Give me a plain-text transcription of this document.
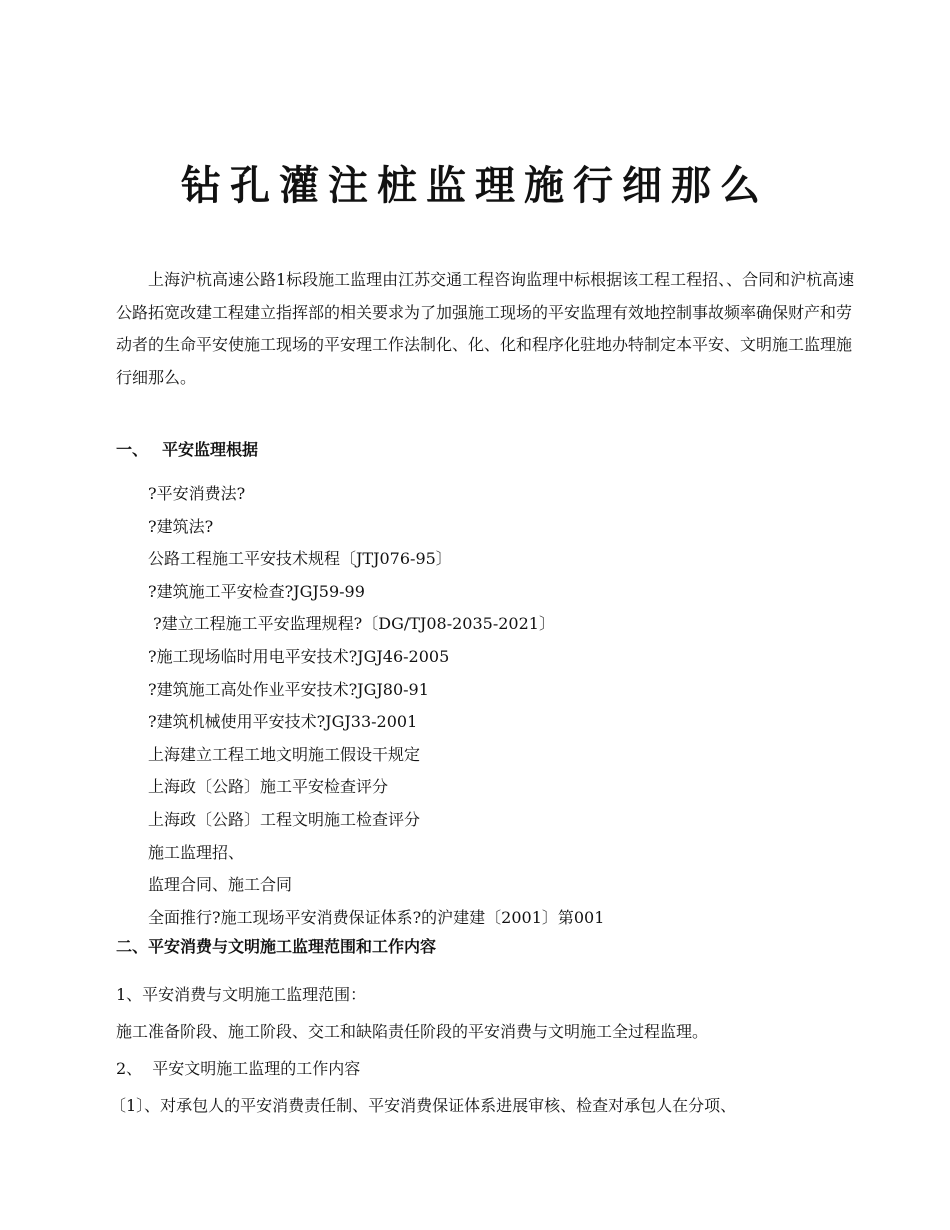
钻孔灌注桩监理施行细那么

上海沪杭高速公路1标段施工监理由江苏交通工程咨询监理中标根据该工程工程招、、合同和沪杭高速公路拓宽改建工程建立指挥部的相关要求为了加强施工现场的平安监理有效地控制事故频率确保财产和劳动者的生命平安使施工现场的平安理工作法制化、化、化和程序化驻地办特制定本平安、文明施工监理施行细那么。

一、 平安监理根据
?平安消费法?
?建筑法?
公路工程施工平安技术规程〔JTJ076-95〕
?建筑施工平安检查?JGJ59-99
?建立工程施工平安监理规程?〔DG/TJ08-2035-2021〕
?施工现场临时用电平安技术?JGJ46-2005
?建筑施工高处作业平安技术?JGJ80-91
?建筑机械使用平安技术?JGJ33-2001
上海建立工程工地文明施工假设干规定
上海政〔公路〕施工平安检查评分
上海政〔公路〕工程文明施工检查评分
施工监理招、
监理合同、施工合同
全面推行?施工现场平安消费保证体系?的沪建建〔2001〕第001
二、平安消费与文明施工监理范围和工作内容
1、平安消费与文明施工监理范围：
施工准备阶段、施工阶段、交工和缺陷责任阶段的平安消费与文明施工全过程监理。
2、 平安文明施工监理的工作内容
〔1〕、对承包人的平安消费责任制、平安消费保证体系进展审核、检查对承包人在分项、
